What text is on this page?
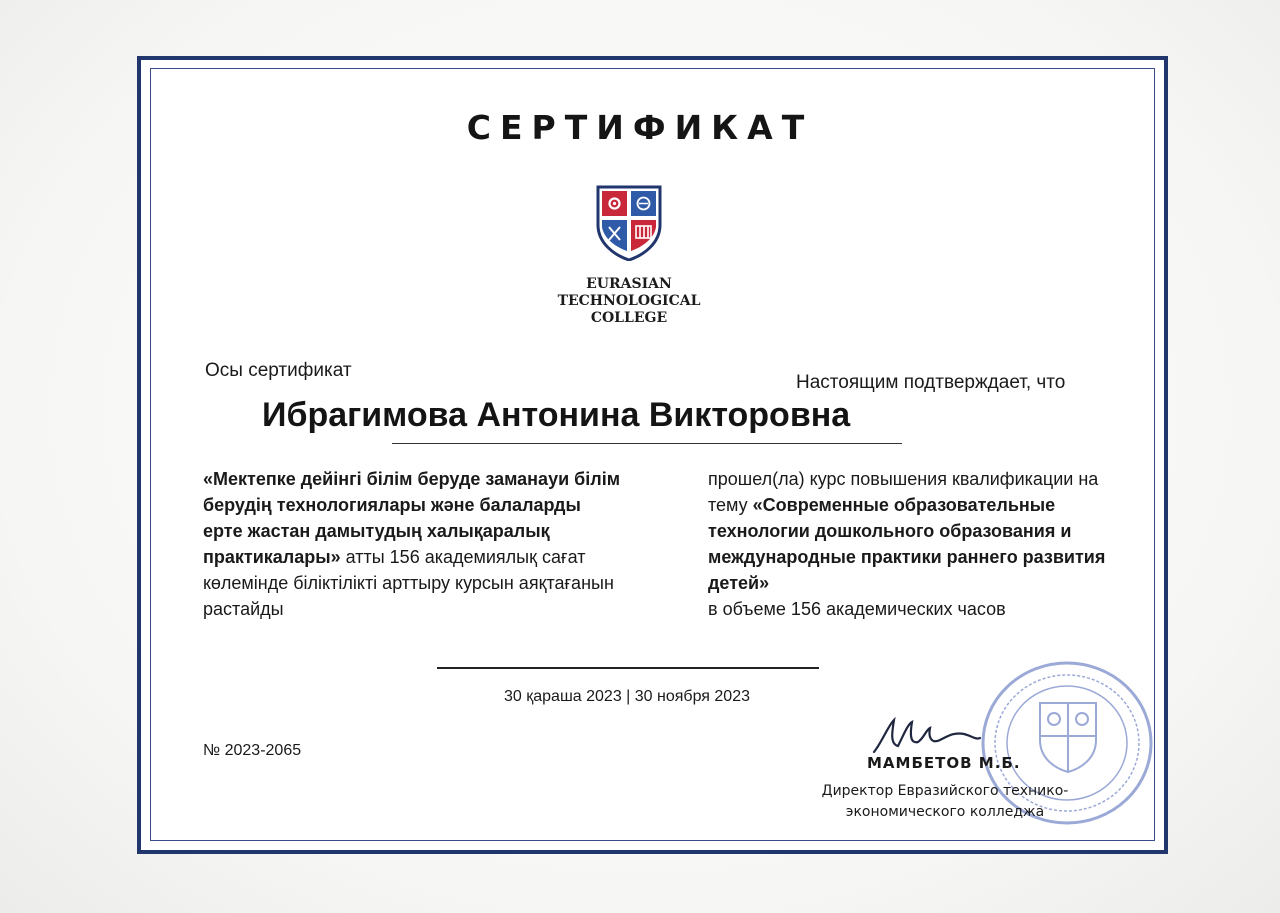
СЕРТИФИКАТ
EURASIAN
TECHNOLOGICAL
COLLEGE
Осы сертификат
Настоящим подтверждает, что
Ибрагимова Антонина Викторовна
«Мектепке дейінгі білім беруде заманауи білім берудің технологиялары және балаларды ерте жастан дамытудың халықаралық практикалары» атты 156 академиялық сағат көлемінде біліктілікті арттыру курсын аяқтағанын растайды
прошел(ла) курс повышения квалификации на тему «Современные образовательные технологии дошкольного образования и международные практики раннего развития детей»
в объеме 156 академических часов
30 қараша 2023 | 30 ноября 2023
№ 2023-2065
МАМБЕТОВ М.Б.
Директор Евразийского технико-
экономического колледжа
